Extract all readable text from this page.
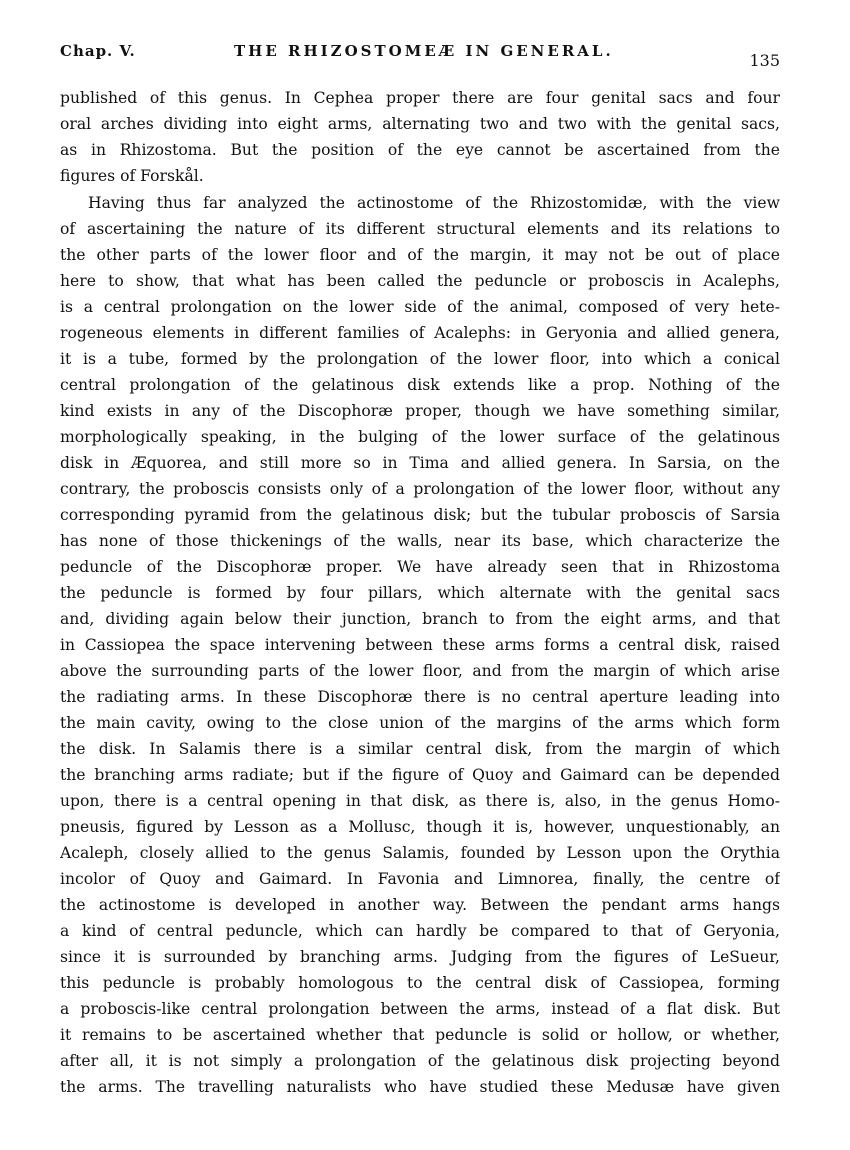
Chap. V.	THE RHIZOSTOMEÆ IN GENERAL.	135
published of this genus. In Cephea proper there are four genital sacs and four
oral arches dividing into eight arms, alternating two and two with the genital sacs,
as in Rhizostoma. But the position of the eye cannot be ascertained from the
figures of Forskål.
Having thus far analyzed the actinostome of the Rhizostomidæ, with the view
of ascertaining the nature of its different structural elements and its relations to
the other parts of the lower floor and of the margin, it may not be out of place
here to show, that what has been called the peduncle or proboscis in Acalephs,
is a central prolongation on the lower side of the animal, composed of very hete-
rogeneous elements in different families of Acalephs: in Geryonia and allied genera,
it is a tube, formed by the prolongation of the lower floor, into which a conical
central prolongation of the gelatinous disk extends like a prop. Nothing of the
kind exists in any of the Discophoræ proper, though we have something similar,
morphologically speaking, in the bulging of the lower surface of the gelatinous
disk in Æquorea, and still more so in Tima and allied genera. In Sarsia, on the
contrary, the proboscis consists only of a prolongation of the lower floor, without any
corresponding pyramid from the gelatinous disk; but the tubular proboscis of Sarsia
has none of those thickenings of the walls, near its base, which characterize the
peduncle of the Discophoræ proper. We have already seen that in Rhizostoma
the peduncle is formed by four pillars, which alternate with the genital sacs
and, dividing again below their junction, branch to from the eight arms, and that
in Cassiopea the space intervening between these arms forms a central disk, raised
above the surrounding parts of the lower floor, and from the margin of which arise
the radiating arms. In these Discophoræ there is no central aperture leading into
the main cavity, owing to the close union of the margins of the arms which form
the disk. In Salamis there is a similar central disk, from the margin of which
the branching arms radiate; but if the figure of Quoy and Gaimard can be depended
upon, there is a central opening in that disk, as there is, also, in the genus Homo-
pneusis, figured by Lesson as a Mollusc, though it is, however, unquestionably, an
Acaleph, closely allied to the genus Salamis, founded by Lesson upon the Orythia
incolor of Quoy and Gaimard. In Favonia and Limnorea, finally, the centre of
the actinostome is developed in another way. Between the pendant arms hangs
a kind of central peduncle, which can hardly be compared to that of Geryonia,
since it is surrounded by branching arms. Judging from the figures of LeSueur,
this peduncle is probably homologous to the central disk of Cassiopea, forming
a proboscis-like central prolongation between the arms, instead of a flat disk. But
it remains to be ascertained whether that peduncle is solid or hollow, or whether,
after all, it is not simply a prolongation of the gelatinous disk projecting beyond
the arms. The travelling naturalists who have studied these Medusæ have given
